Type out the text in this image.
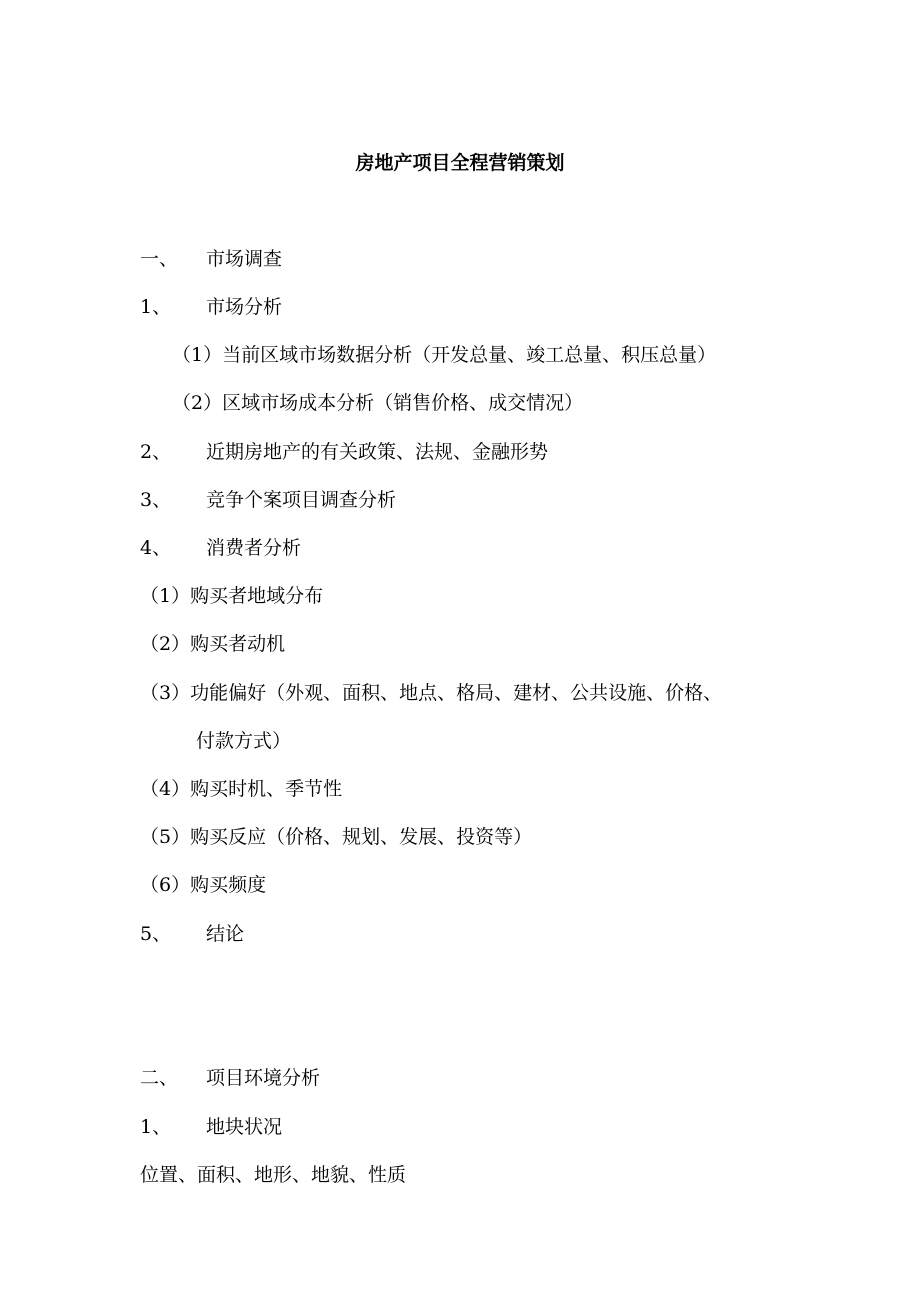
房地产项目全程营销策划
一、 市场调查
1、 市场分析
（1）当前区域市场数据分析（开发总量、竣工总量、积压总量）
（2）区域市场成本分析（销售价格、成交情况）
2、 近期房地产的有关政策、法规、金融形势
3、 竞争个案项目调查分析
4、 消费者分析
（1）购买者地域分布
（2）购买者动机
（3）功能偏好（外观、面积、地点、格局、建材、公共设施、价格、
付款方式）
（4）购买时机、季节性
（5）购买反应（价格、规划、发展、投资等）
（6）购买频度
5、 结论
二、 项目环境分析
1、 地块状况
位置、面积、地形、地貌、性质
